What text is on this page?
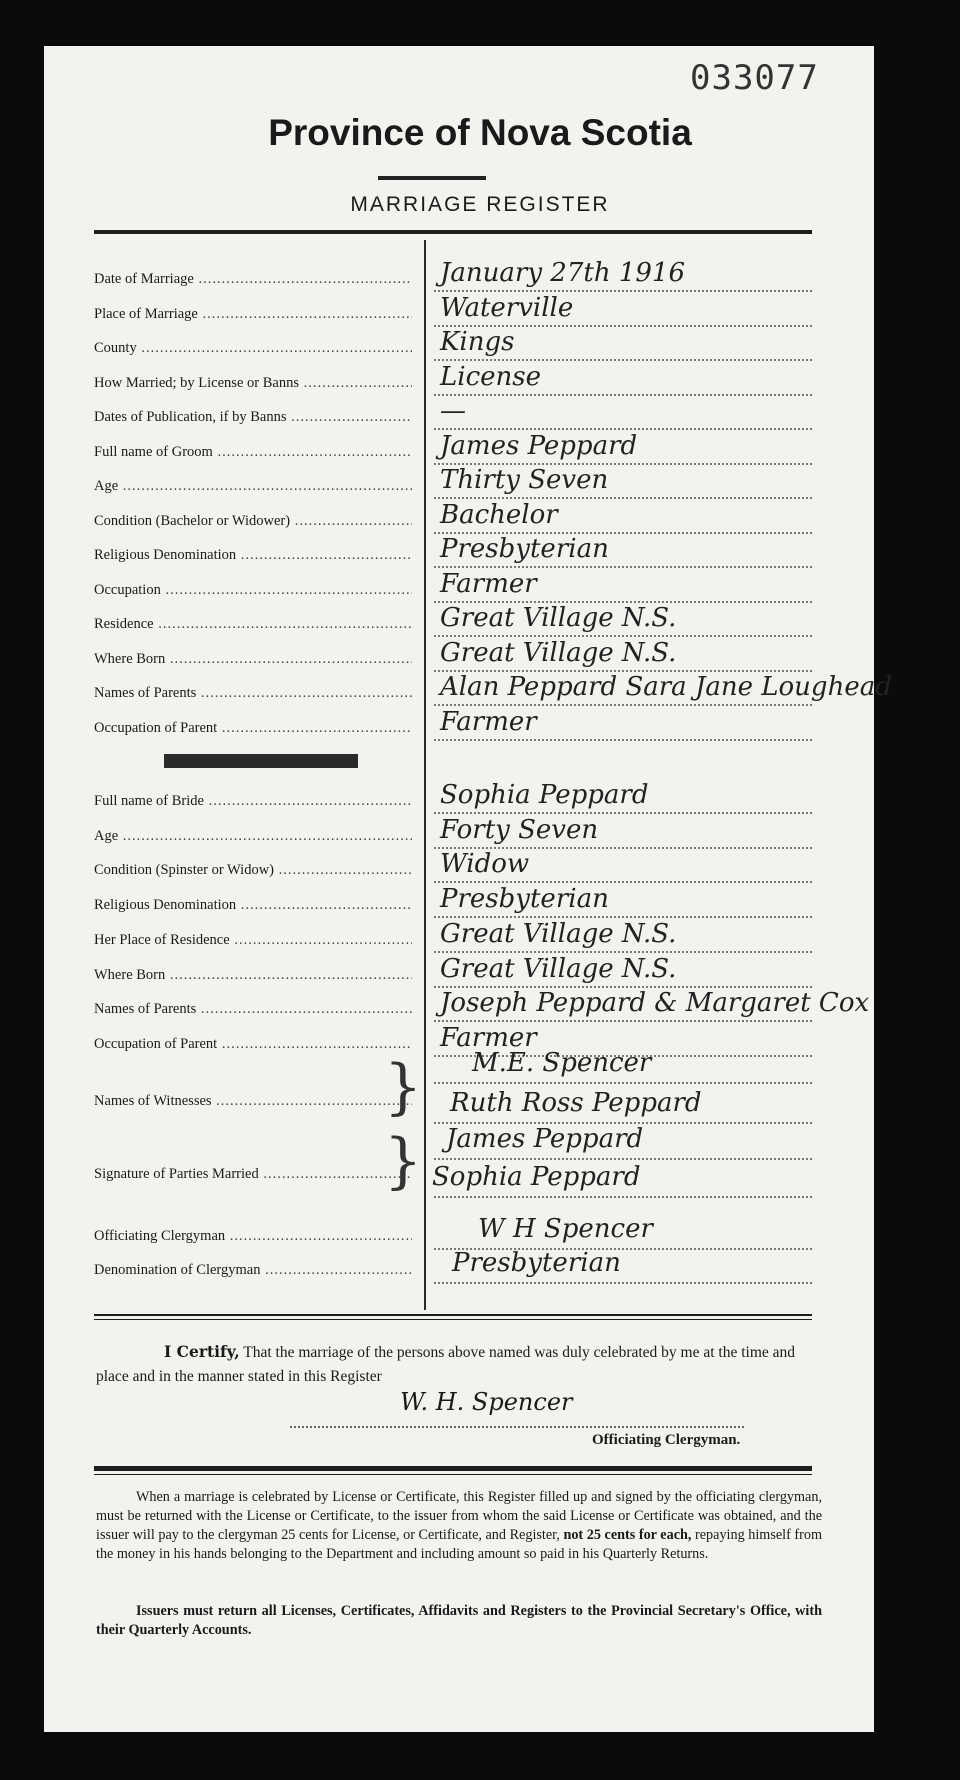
033077
Province of Nova Scotia
MARRIAGE REGISTER
Date of Marriage .....	January 27th 1916
Place of Marriage .....	Waterville
County .....	Kings
How Married; by License or Banns .....	License
Dates of Publication, if by Banns .....	—
Full name of Groom .....	James Peppard
Age .....	Thirty Seven
Condition (Bachelor or Widower) .....	Bachelor
Religious Denomination .....	Presbyterian
Occupation .....	Farmer
Residence .....	Great Village N.S.
Where Born .....	Great Village N.S.
Names of Parents .....	Alan Peppard Sara Jane Loughead
Occupation of Parent .....	Farmer
Full name of Bride .....	Sophia Peppard
Age .....	Forty Seven
Condition (Spinster or Widow) .....	Widow
Religious Denomination .....	Presbyterian
Her Place of Residence .....	Great Village N.S.
Where Born .....	Great Village N.S.
Names of Parents .....	Joseph Peppard & Margaret Cox
Occupation of Parent .....	Farmer
Names of Witnesses .....	} M.E. Spencer
Ruth Ross Peppard
Signature of Parties Married .....	} James Peppard
Sophia Peppard
Officiating Clergyman .....	W H Spencer
Denomination of Clergyman .....	Presbyterian
I Certify, That the marriage of the persons above named was duly celebrated by me at the time and place and in the manner stated in this Register
W. H. Spencer
Officiating Clergyman.
When a marriage is celebrated by License or Certificate, this Register filled up and signed by the officiating clergyman, must be returned with the License or Certificate, to the issuer from whom the said License or Certificate was obtained, and the issuer will pay to the clergyman 25 cents for License, or Certificate, and Register, not 25 cents for each, repaying himself from the money in his hands belonging to the Department and including amount so paid in his Quarterly Returns.
Issuers must return all Licenses, Certificates, Affidavits and Registers to the Provincial Secretary's Office, with their Quarterly Accounts.
